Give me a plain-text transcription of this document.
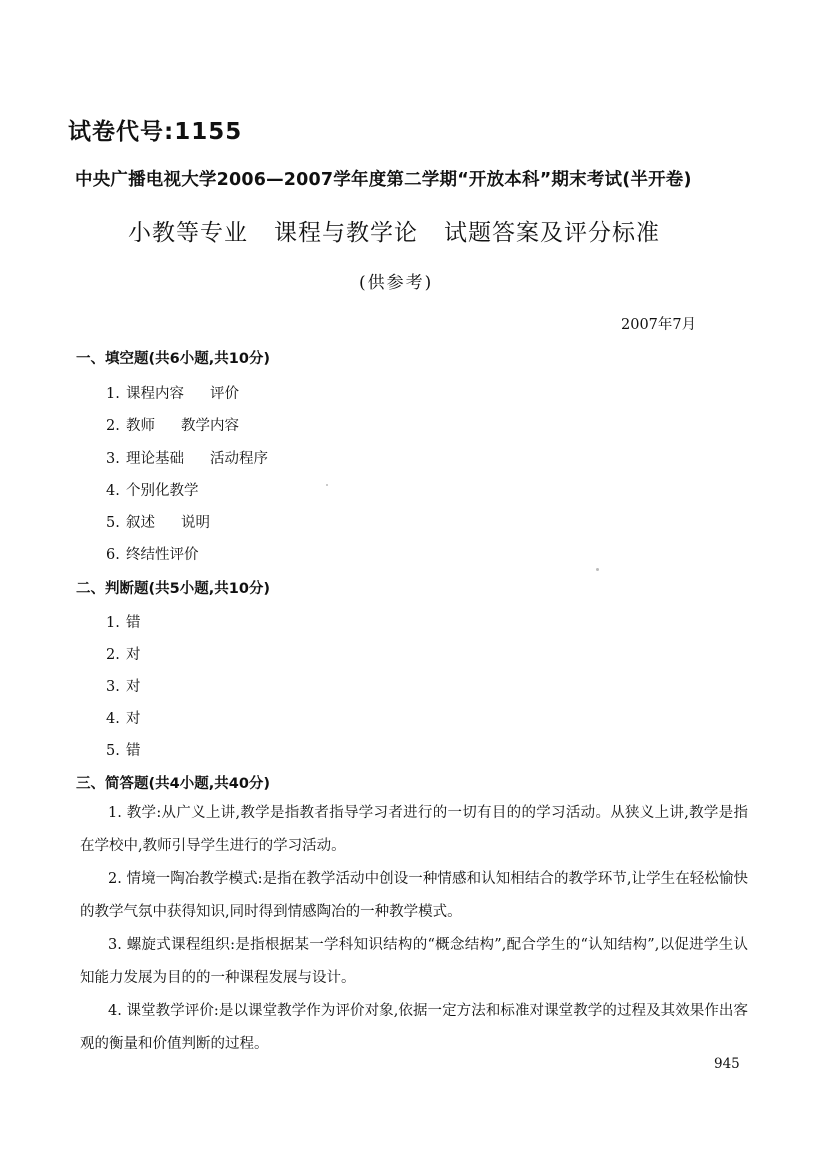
试卷代号:1155
中央广播电视大学2006—2007学年度第二学期“开放本科”期末考试(半开卷)
小教等专业 课程与教学论 试题答案及评分标准
(供参考)
2007年7月
一、填空题(共6小题,共10分)
1. 课程内容 评价
2. 教师 教学内容
3. 理论基础 活动程序
4. 个别化教学
5. 叙述 说明
6. 终结性评价
二、判断题(共5小题,共10分)
1. 错
2. 对
3. 对
4. 对
5. 错
三、简答题(共4小题,共40分)
1. 教学:从广义上讲,教学是指教者指导学习者进行的一切有目的的学习活动。从狭义上讲,教学是指在学校中,教师引导学生进行的学习活动。
2. 情境一陶冶教学模式:是指在教学活动中创设一种情感和认知相结合的教学环节,让学生在轻松愉快的教学气氛中获得知识,同时得到情感陶冶的一种教学模式。
3. 螺旋式课程组织:是指根据某一学科知识结构的“概念结构”,配合学生的“认知结构”,以促进学生认知能力发展为目的的一种课程发展与设计。
4. 课堂教学评价:是以课堂教学作为评价对象,依据一定方法和标准对课堂教学的过程及其效果作出客观的衡量和价值判断的过程。
945
